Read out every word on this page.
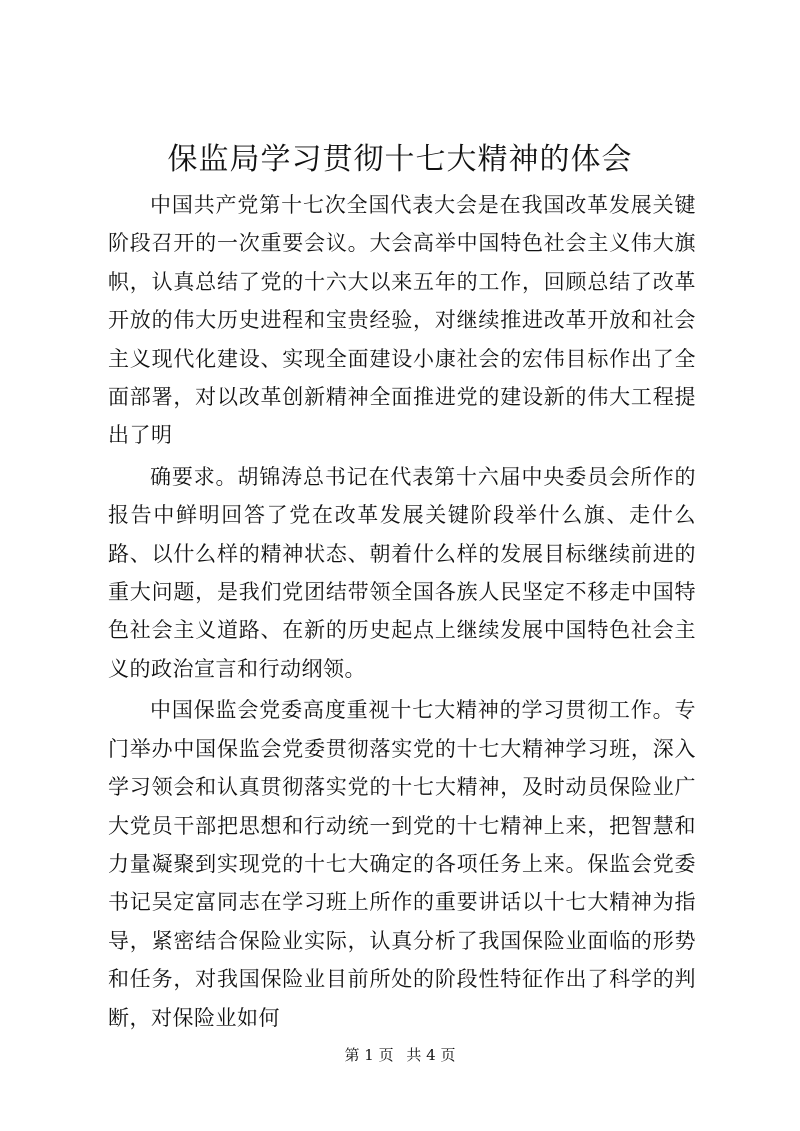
保监局学习贯彻十七大精神的体会

中国共产党第十七次全国代表大会是在我国改革发展关键阶段召开的一次重要会议。大会高举中国特色社会主义伟大旗帜，认真总结了党的十六大以来五年的工作，回顾总结了改革开放的伟大历史进程和宝贵经验，对继续推进改革开放和社会主义现代化建设、实现全面建设小康社会的宏伟目标作出了全面部署，对以改革创新精神全面推进党的建设新的伟大工程提出了明

确要求。胡锦涛总书记在代表第十六届中央委员会所作的报告中鲜明回答了党在改革发展关键阶段举什么旗、走什么路、以什么样的精神状态、朝着什么样的发展目标继续前进的重大问题，是我们党团结带领全国各族人民坚定不移走中国特色社会主义道路、在新的历史起点上继续发展中国特色社会主义的政治宣言和行动纲领。

中国保监会党委高度重视十七大精神的学习贯彻工作。专门举办中国保监会党委贯彻落实党的十七大精神学习班，深入学习领会和认真贯彻落实党的十七大精神，及时动员保险业广大党员干部把思想和行动统一到党的十七精神上来，把智慧和力量凝聚到实现党的十七大确定的各项任务上来。保监会党委书记吴定富同志在学习班上所作的重要讲话以十七大精神为指导，紧密结合保险业实际，认真分析了我国保险业面临的形势和任务，对我国保险业目前所处的阶段性特征作出了科学的判断，对保险业如何

第 1 页 共 4 页
